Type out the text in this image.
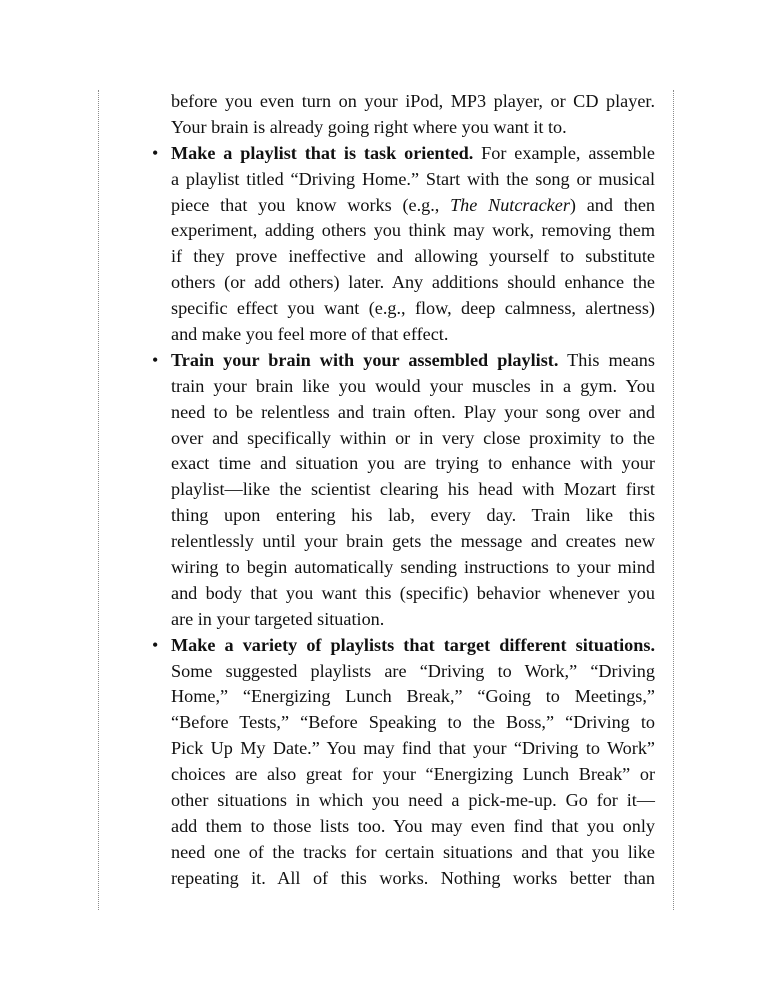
before you even turn on your iPod, MP3 player, or CD player.
Your brain is already going right where you want it to.
• Make a playlist that is task oriented. For example, assemble
a playlist titled “Driving Home.” Start with the song or musical
piece that you know works (e.g., The Nutcracker) and then
experiment, adding others you think may work, removing them
if they prove ineffective and allowing yourself to substitute
others (or add others) later. Any additions should enhance the
specific effect you want (e.g., flow, deep calmness, alertness)
and make you feel more of that effect.
• Train your brain with your assembled playlist. This means
train your brain like you would your muscles in a gym. You
need to be relentless and train often. Play your song over and
over and specifically within or in very close proximity to the
exact time and situation you are trying to enhance with your
playlist—like the scientist clearing his head with Mozart first
thing upon entering his lab, every day. Train like this
relentlessly until your brain gets the message and creates new
wiring to begin automatically sending instructions to your mind
and body that you want this (specific) behavior whenever you
are in your targeted situation.
• Make a variety of playlists that target different situations.
Some suggested playlists are “Driving to Work,” “Driving
Home,” “Energizing Lunch Break,” “Going to Meetings,”
“Before Tests,” “Before Speaking to the Boss,” “Driving to
Pick Up My Date.” You may find that your “Driving to Work”
choices are also great for your “Energizing Lunch Break” or
other situations in which you need a pick-me-up. Go for it—
add them to those lists too. You may even find that you only
need one of the tracks for certain situations and that you like
repeating it. All of this works. Nothing works better than
